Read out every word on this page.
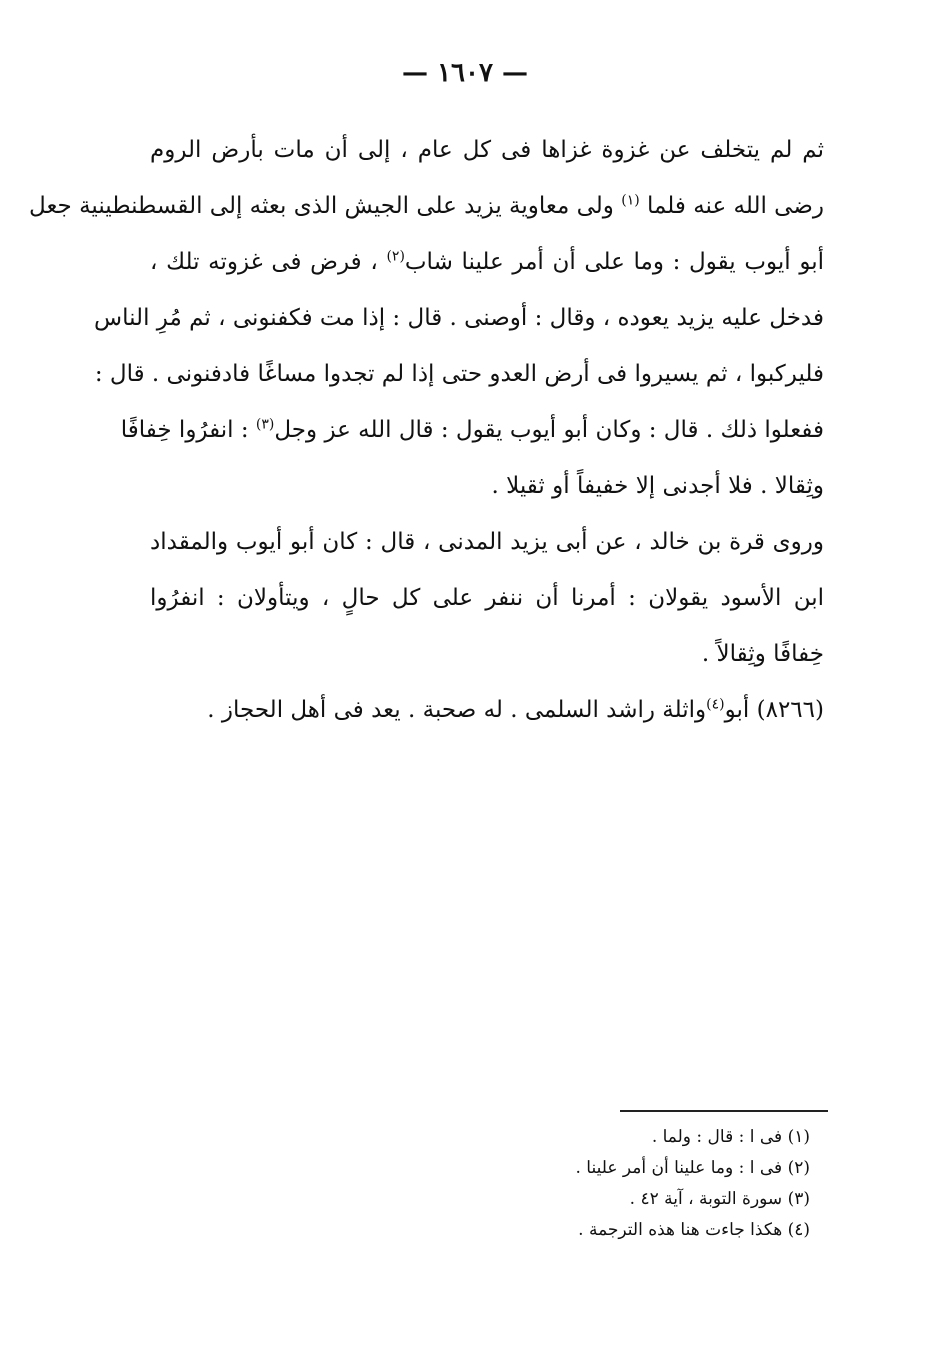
— ١٦٠٧ —
ثم لم يتخلف عن غزوة غزاها فى كل عام ، إلى أن مات بأرض الروم
رضى الله عنه فلما $^{(١)}$ ولى معاوية يزيد على الجيش الذى بعثه إلى القسطنطينية جعل
أبو أيوب يقول : وما على أن أمر علينا شاب$^{(٢)}$ ، فرض فى غزوته تلك ،
فدخل عليه يزيد يعوده ، وقال : أوصنى . قال : إذا مت فكفنونى ، ثم مُرِ الناس
فليركبوا ، ثم يسيروا فى أرض العدو حتى إذا لم تجدوا مساغًا فادفنونى . قال :
ففعلوا ذلك . قال : وكان أبو أيوب يقول : قال الله عز وجل$^{(٣)}$ : انفرُوا خِفافًا
وثِقالا . فلا أجدنى إلا خفيفاً أو ثقيلا .
وروى قرة بن خالد ، عن أبى يزيد المدنى ، قال : كان أبو أيوب والمقداد
ابن الأسود يقولان : أمرنا أن ننفر على كل حالٍ ، ويتأولان : انفرُوا
خِفافًا وثِقالاً .
(٨٢٦٦) أبو$^{(٤)}$واثلة راشد السلمى . له صحبة . يعد فى أهل الحجاز .
(١) فى ا : قال : ولما .
(٢) فى ا : وما علينا أن أمر علينا .
(٣) سورة التوبة ، آية ٤٢ .
(٤) هكذا جاءت هنا هذه الترجمة .
